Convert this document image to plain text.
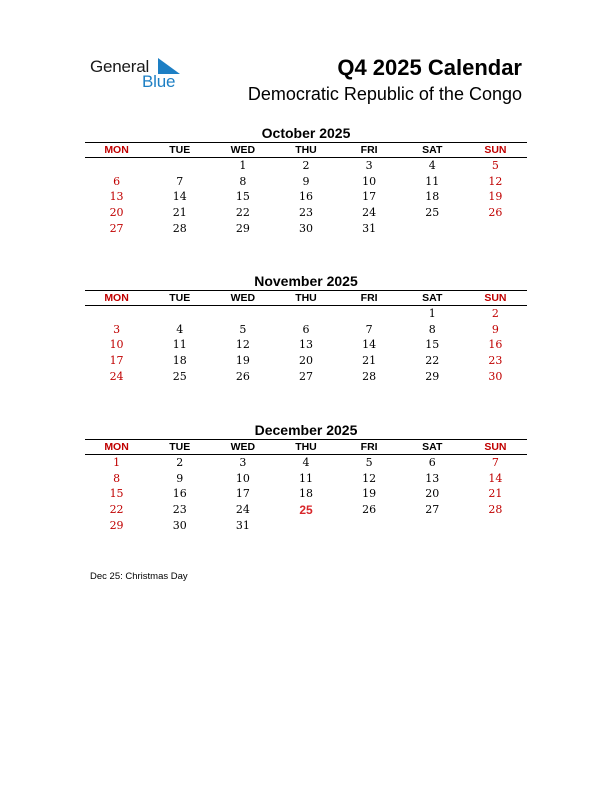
General
Blue
Q4 2025 Calendar
Democratic Republic of the Congo
October 2025
MON	TUE	WED	THU	FRI	SAT	SUN
		1	2	3	4	5
6	7	8	9	10	11	12
13	14	15	16	17	18	19
20	21	22	23	24	25	26
27	28	29	30	31		
November 2025
MON	TUE	WED	THU	FRI	SAT	SUN
					1	2
3	4	5	6	7	8	9
10	11	12	13	14	15	16
17	18	19	20	21	22	23
24	25	26	27	28	29	30
December 2025
MON	TUE	WED	THU	FRI	SAT	SUN
1	2	3	4	5	6	7
8	9	10	11	12	13	14
15	16	17	18	19	20	21
22	23	24	25	26	27	28
29	30	31				
Dec 25: Christmas Day
